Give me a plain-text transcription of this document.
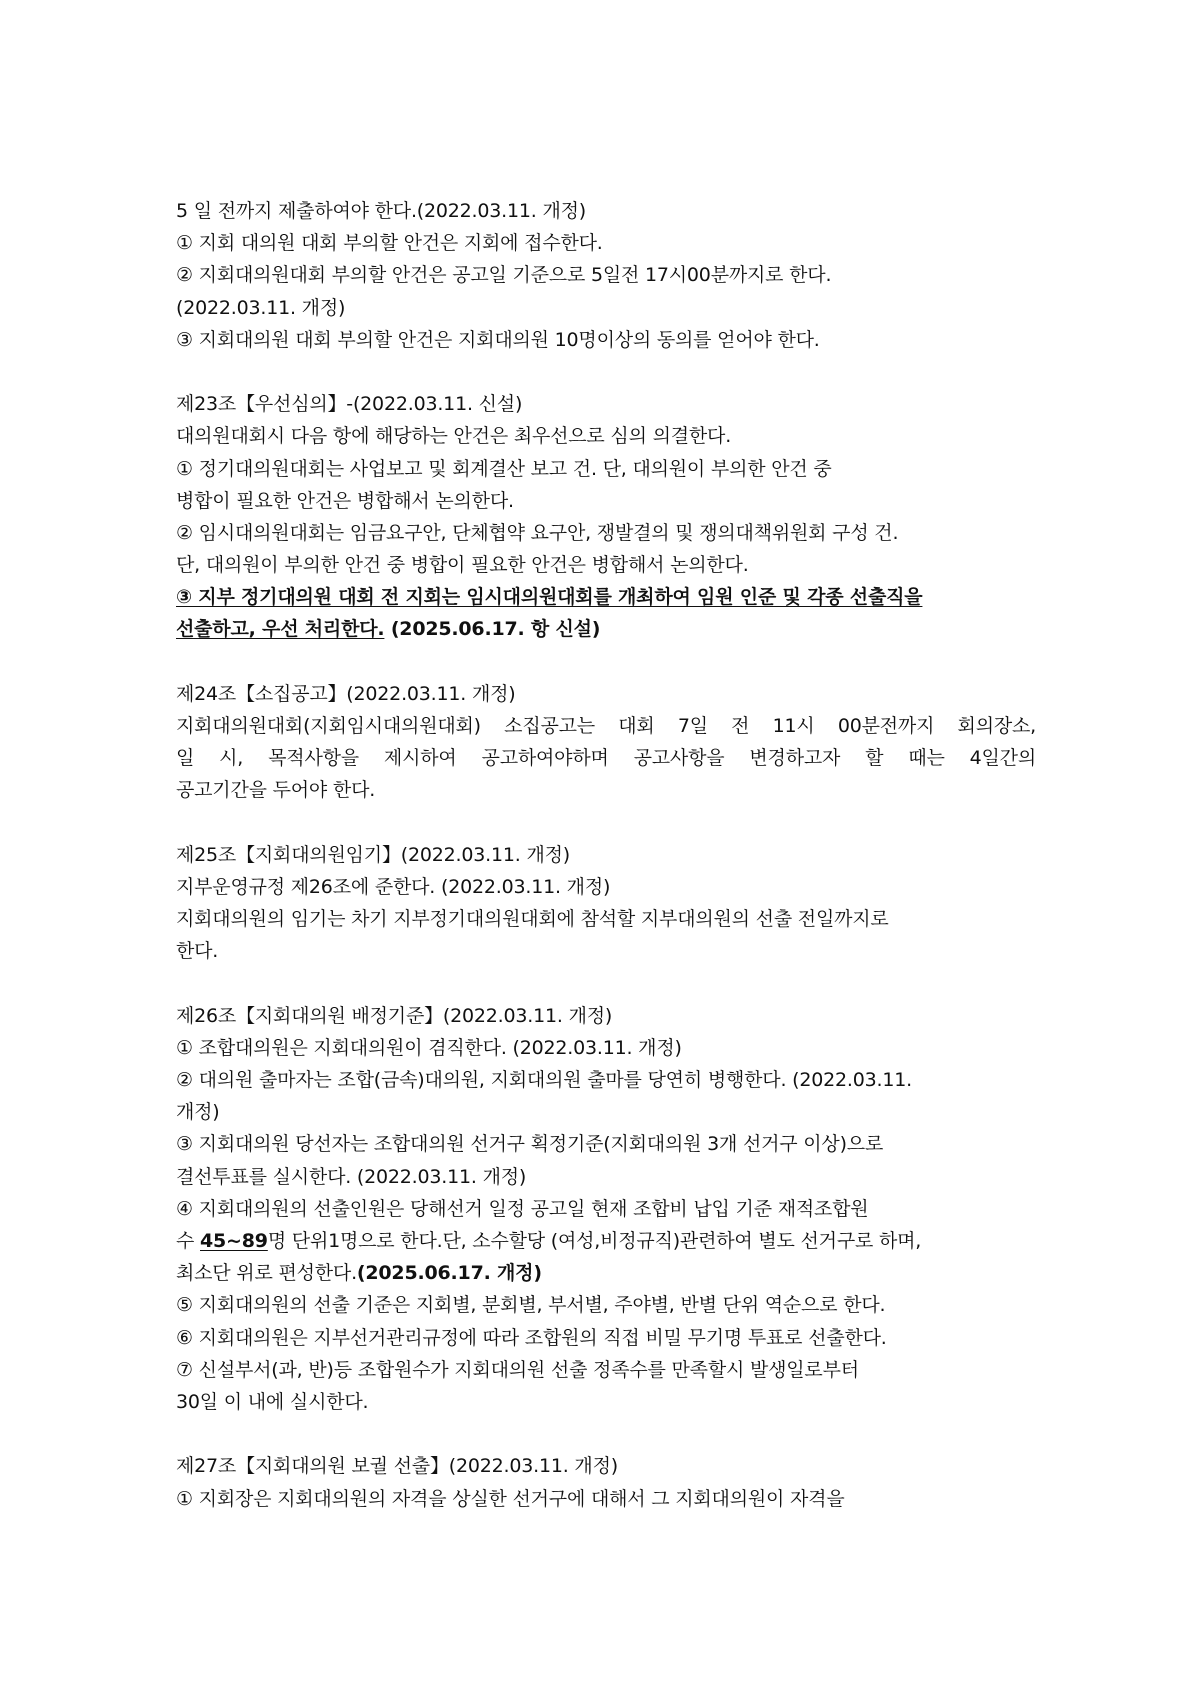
5 일 전까지 제출하여야 한다.(2022.03.11. 개정)
① 지회 대의원 대회 부의할 안건은 지회에 접수한다.
② 지회대의원대회 부의할 안건은 공고일 기준으로 5일전 17시00분까지로 한다.
(2022.03.11. 개정)
③ 지회대의원 대회 부의할 안건은 지회대의원 10명이상의 동의를 얻어야 한다.
제23조【우선심의】-(2022.03.11. 신설)
대의원대회시 다음 항에 해당하는 안건은 최우선으로 심의 의결한다.
① 정기대의원대회는 사업보고 및 회계결산 보고 건. 단, 대의원이 부의한 안건 중
병합이 필요한 안건은 병합해서 논의한다.
② 임시대의원대회는 임금요구안, 단체협약 요구안, 쟁발결의 및 쟁의대책위원회 구성 건.
단, 대의원이 부의한 안건 중 병합이 필요한 안건은 병합해서 논의한다.
③ 지부 정기대의원 대회 전 지회는 임시대의원대회를 개최하여 임원 인준 및 각종 선출직을
선출하고, 우선 처리한다. (2025.06.17. 항 신설)
제24조【소집공고】(2022.03.11. 개정)
지회대의원대회(지회임시대의원대회) 소집공고는 대회 7일 전 11시 00분전까지 회의장소,
일 시, 목적사항을 제시하여 공고하여야하며 공고사항을 변경하고자 할 때는 4일간의
공고기간을 두어야 한다.
제25조【지회대의원임기】(2022.03.11. 개정)
지부운영규정 제26조에 준한다. (2022.03.11. 개정)
지회대의원의 임기는 차기 지부정기대의원대회에 참석할 지부대의원의 선출 전일까지로
한다.
제26조【지회대의원 배정기준】(2022.03.11. 개정)
① 조합대의원은 지회대의원이 겸직한다. (2022.03.11. 개정)
② 대의원 출마자는 조합(금속)대의원, 지회대의원 출마를 당연히 병행한다. (2022.03.11.
개정)
③ 지회대의원 당선자는 조합대의원 선거구 획정기준(지회대의원 3개 선거구 이상)으로
결선투표를 실시한다. (2022.03.11. 개정)
④ 지회대의원의 선출인원은 당해선거 일정 공고일 현재 조합비 납입 기준 재적조합원
수 45~89명 단위1명으로 한다.단, 소수할당 (여성,비정규직)관련하여 별도 선거구로 하며,
최소단 위로 편성한다.(2025.06.17. 개정)
⑤ 지회대의원의 선출 기준은 지회별, 분회별, 부서별, 주야별, 반별 단위 역순으로 한다.
⑥ 지회대의원은 지부선거관리규정에 따라 조합원의 직접 비밀 무기명 투표로 선출한다.
⑦ 신설부서(과, 반)등 조합원수가 지회대의원 선출 정족수를 만족할시 발생일로부터
30일 이 내에 실시한다.
제27조【지회대의원 보궐 선출】(2022.03.11. 개정)
① 지회장은 지회대의원의 자격을 상실한 선거구에 대해서 그 지회대의원이 자격을
